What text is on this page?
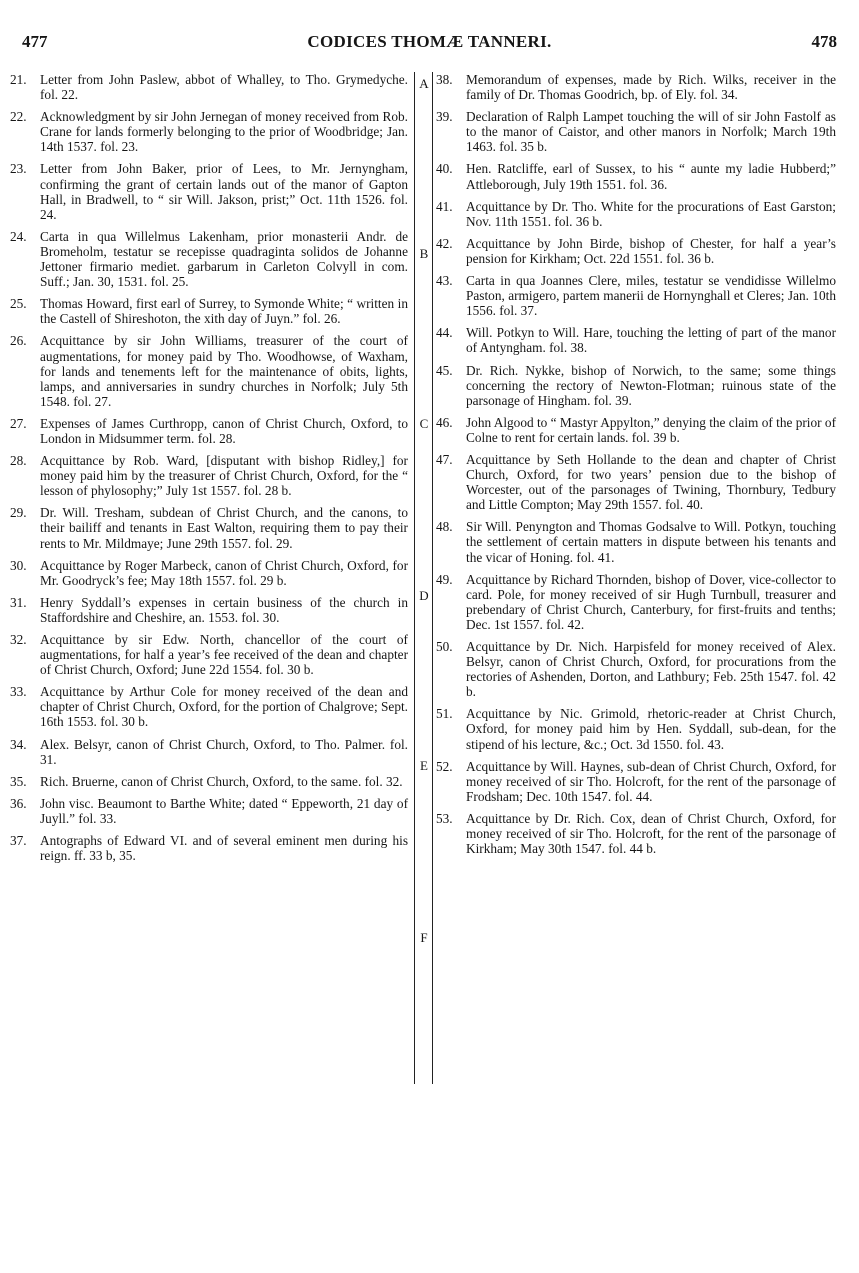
477	CODICES THOMÆ TANNERI.	478

21. Letter from John Paslew, abbot of Whalley, to Tho. Grymedyche. fol. 22.

22. Acknowledgment by sir John Jernegan of money received from Rob. Crane for lands formerly belonging to the prior of Woodbridge; Jan. 14th 1537. fol. 23.

23. Letter from John Baker, prior of Lees, to Mr. Jernyngham, confirming the grant of certain lands out of the manor of Gapton Hall, in Bradwell, to “ sir Will. Jakson, prist;” Oct. 11th 1526. fol. 24.

24. Carta in qua Willelmus Lakenham, prior monasterii Andr. de Bromeholm, testatur se recepisse quadraginta solidos de Johanne Jettoner firmario mediet. garbarum in Carleton Colvyll in com. Suff.; Jan. 30, 1531. fol. 25.

25. Thomas Howard, first earl of Surrey, to Symonde White; “ written in the Castell of Shireshoton, the xith day of Juyn.” fol. 26.

26. Acquittance by sir John Williams, treasurer of the court of augmentations, for money paid by Tho. Woodhowse, of Waxham, for lands and tenements left for the maintenance of obits, lights, lamps, and anniversaries in sundry churches in Norfolk; July 5th 1548. fol. 27.

27. Expenses of James Curthropp, canon of Christ Church, Oxford, to London in Midsummer term. fol. 28.

28. Acquittance by Rob. Ward, [disputant with bishop Ridley,] for money paid him by the treasurer of Christ Church, Oxford, for the “ lesson of phylosophy;” July 1st 1557. fol. 28 b.

29. Dr. Will. Tresham, subdean of Christ Church, and the canons, to their bailiff and tenants in East Walton, requiring them to pay their rents to Mr. Mildmaye; June 29th 1557. fol. 29.

30. Acquittance by Roger Marbeck, canon of Christ Church, Oxford, for Mr. Goodryck’s fee; May 18th 1557. fol. 29 b.

31. Henry Syddall’s expenses in certain business of the church in Staffordshire and Cheshire, an. 1553. fol. 30.

32. Acquittance by sir Edw. North, chancellor of the court of augmentations, for half a year’s fee received of the dean and chapter of Christ Church, Oxford; June 22d 1554. fol. 30 b.

33. Acquittance by Arthur Cole for money received of the dean and chapter of Christ Church, Oxford, for the portion of Chalgrove; Sept. 16th 1553. fol. 30 b.

34. Alex. Belsyr, canon of Christ Church, Oxford, to Tho. Palmer. fol. 31.

35. Rich. Bruerne, canon of Christ Church, Oxford, to the same. fol. 32.

36. John visc. Beaumont to Barthe White; dated “ Eppeworth, 21 day of Juyll.” fol. 33.

37. Antographs of Edward VI. and of several eminent men during his reign. ff. 33 b, 35.

A
B
C
D
E
F

38. Memorandum of expenses, made by Rich. Wilks, receiver in the family of Dr. Thomas Goodrich, bp. of Ely. fol. 34.

39. Declaration of Ralph Lampet touching the will of sir John Fastolf as to the manor of Caistor, and other manors in Norfolk; March 19th 1463. fol. 35 b.

40. Hen. Ratcliffe, earl of Sussex, to his “ aunte my ladie Hubberd;” Attleborough, July 19th 1551. fol. 36.

41. Acquittance by Dr. Tho. White for the procurations of East Garston; Nov. 11th 1551. fol. 36 b.

42. Acquittance by John Birde, bishop of Chester, for half a year’s pension for Kirkham; Oct. 22d 1551. fol. 36 b.

43. Carta in qua Joannes Clere, miles, testatur se vendidisse Willelmo Paston, armigero, partem manerii de Hornynghall et Cleres; Jan. 10th 1556. fol. 37.

44. Will. Potkyn to Will. Hare, touching the letting of part of the manor of Antyngham. fol. 38.

45. Dr. Rich. Nykke, bishop of Norwich, to the same; some things concerning the rectory of Newton-Flotman; ruinous state of the parsonage of Hingham. fol. 39.

46. John Algood to “ Mastyr Appylton,” denying the claim of the prior of Colne to rent for certain lands. fol. 39 b.

47. Acquittance by Seth Hollande to the dean and chapter of Christ Church, Oxford, for two years’ pension due to the bishop of Worcester, out of the parsonages of Twining, Thornbury, Tedbury and Little Compton; May 29th 1557. fol. 40.

48. Sir Will. Penyngton and Thomas Godsalve to Will. Potkyn, touching the settlement of certain matters in dispute between his tenants and the vicar of Honing. fol. 41.

49. Acquittance by Richard Thornden, bishop of Dover, vice-collector to card. Pole, for money received of sir Hugh Turnbull, treasurer and prebendary of Christ Church, Canterbury, for first-fruits and tenths; Dec. 1st 1557. fol. 42.

50. Acquittance by Dr. Nich. Harpisfeld for money received of Alex. Belsyr, canon of Christ Church, Oxford, for procurations from the rectories of Ashenden, Dorton, and Lathbury; Feb. 25th 1547. fol. 42 b.

51. Acquittance by Nic. Grimold, rhetoric-reader at Christ Church, Oxford, for money paid him by Hen. Syddall, sub-dean, for the stipend of his lecture, &c.; Oct. 3d 1550. fol. 43.

52. Acquittance by Will. Haynes, sub-dean of Christ Church, Oxford, for money received of sir Tho. Holcroft, for the rent of the parsonage of Frodsham; Dec. 10th 1547. fol. 44.

53. Acquittance by Dr. Rich. Cox, dean of Christ Church, Oxford, for money received of sir Tho. Holcroft, for the rent of the parsonage of Kirkham; May 30th 1547. fol. 44 b.
